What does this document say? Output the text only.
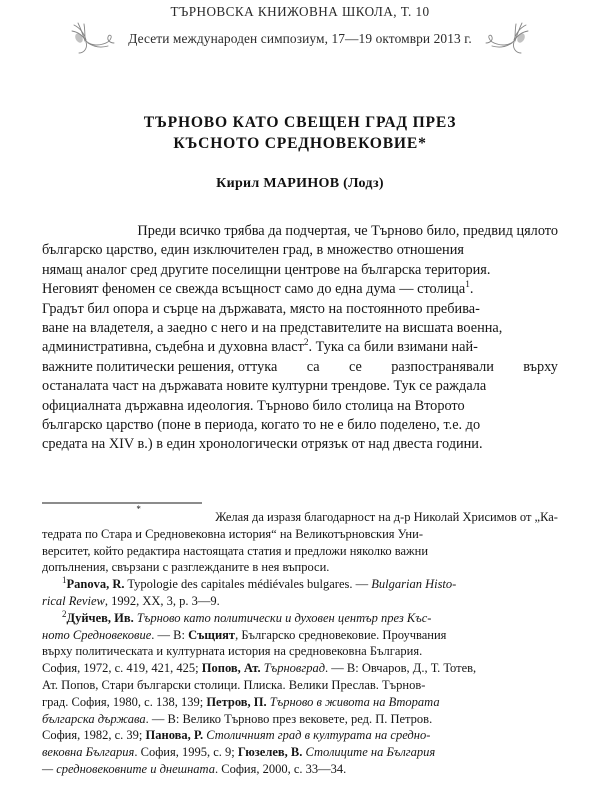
ТЪРНОВСКА КНИЖОВНА ШКОЛА, Т. 10
Десети международен симпозиум, 17—19 октомври 2013 г.
ТЪРНОВО КАТО СВЕЩЕН ГРАД ПРЕЗ
КЪСНОТО СРЕДНОВЕКОВИЕ*
Кирил МАРИНОВ (Лодз)

Преди всичко трябва да подчертая, че Търново било, предвид цялото
българско царство, един изключителен град, в множество отношения
нямащ аналог сред другите поселищни центрове на българска територия.
Неговият феномен се свежда всъщност само до една дума — столица$^1$.
Градът бил опора и сърце на държавата, място на постоянното пребива-
ване на владетеля, а заедно с него и на представителите на висшата военна,
административна, съдебна и духовна власт$^2$. Тука са били взимани най-
важните политически решения, оттука са се разпостранявали върху
останалата част на държавата новите културни трендове. Тук се раждала
официалната държавна идеология. Търново било столица на Второто
българско царство (поне в периода, когато то не е било поделено, т.е. до
средата на XIV в.) в един хронологически отрязък от над двеста години.

*
Желая да изразя благодарност на д-р Николай Хрисимов от „Ка-
тедрата по Стара и Средновековна история“ на Великотърновския Уни-
верситет, който редактира настоящата статия и предложи няколко важни
допълнения, свързани с разглежданите в нея въпроси.

$^1$Panova, R. Typologie des capitales médiévales bulgares. — Bulgarian Histo-
rical Review, 1992, XX, 3, p. 3—9.

$^2$Дуйчев, Ив. Търново като политически и духовен център през Къс-
ното Средновековие. — В: Същият, Българско средновековие. Проучвания
върху политическата и културната история на средновековна България.
София, 1972, с. 419, 421, 425; Попов, Ат. Търновград. — В: Овчаров, Д., Т. Тотев,
Ат. Попов, Стари български столици. Плиска. Велики Преслав. Търнов-
град. София, 1980, с. 138, 139; Петров, П. Търново в живота на Втората
българска държава. — В: Велико Търново през вековете, ред. П. Петров.
София, 1982, с. 39; Панова, Р. Столичният град в културата на средно-
вековна България. София, 1995, с. 9; Гюзелев, В. Столиците на България
— средновековните и днешната. София, 2000, с. 33—34.
